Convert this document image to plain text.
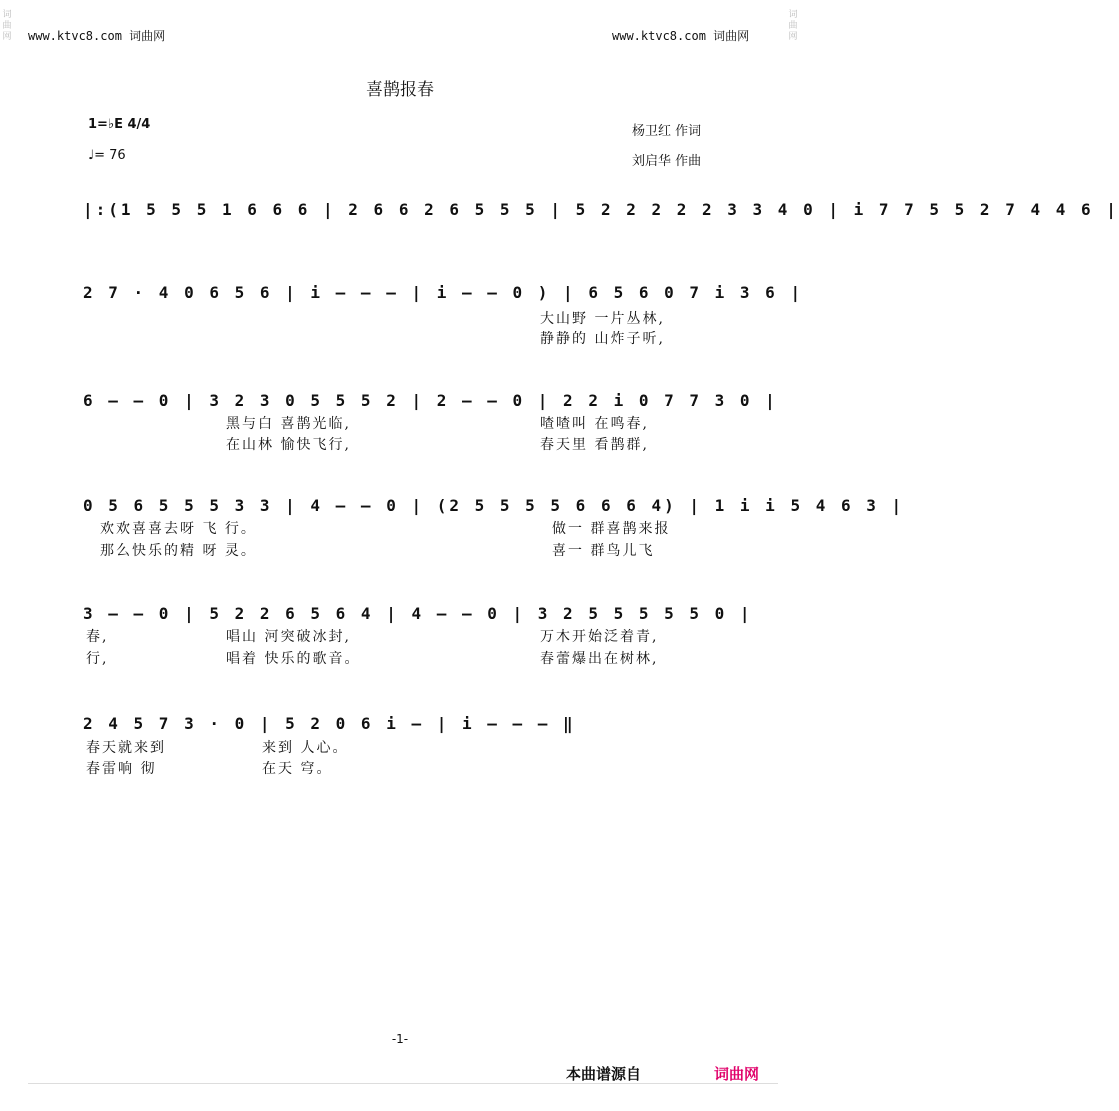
词
曲
网
词
曲
网
www.ktvc8.com 词曲网	www.ktvc8.com 词曲网
喜鹊报春
1=♭E 4/4
♩= 76
杨卫红 作词
刘启华 作曲
|:(1 5 5 5 1 6 6 6 | 2 6 6 2 6 5 5 5 | 5 2 2 2 2 2 3 3 4 0 | i 7 7 5 5 2 7 4 4 6 |
2 7 · 4 0 6 5 6 | i – – – | i – – 0 ) | 6 5 6 0 7 i 3 6 |
大山野 一片丛林,
静静的 山炸子听,
6 – – 0 | 3 2 3 0 5 5 5 2 | 2 – – 0 | 2 2 i 0 7 7 3 0 |
黑与白 喜鹊光临,
在山林 愉快飞行,
喳喳叫 在鸣春,
春天里 看鹊群,
0 5 6 5 5 5 3 3 | 4 – – 0 | (2 5 5 5 5 6 6 6 4) | 1 i i 5 4 6 3 |
欢欢喜喜去呀 飞 行。
那么快乐的精 呀 灵。
做一 群喜鹊来报
喜一 群鸟儿飞
3 – – 0 | 5 2 2 6 5 6 4 | 4 – – 0 | 3 2 5 5 5 5 5 0 |
春,
行,
唱山 河突破冰封,
唱着 快乐的歌音。
万木开始泛着青,
春蕾爆出在树林,
2 4 5 7 3 · 0 | 5 2 0 6 i – | i – – – ‖
春天就来到
春雷响 彻
来到 人心。
在天 穹。
-1-
本曲谱源自	词曲网
